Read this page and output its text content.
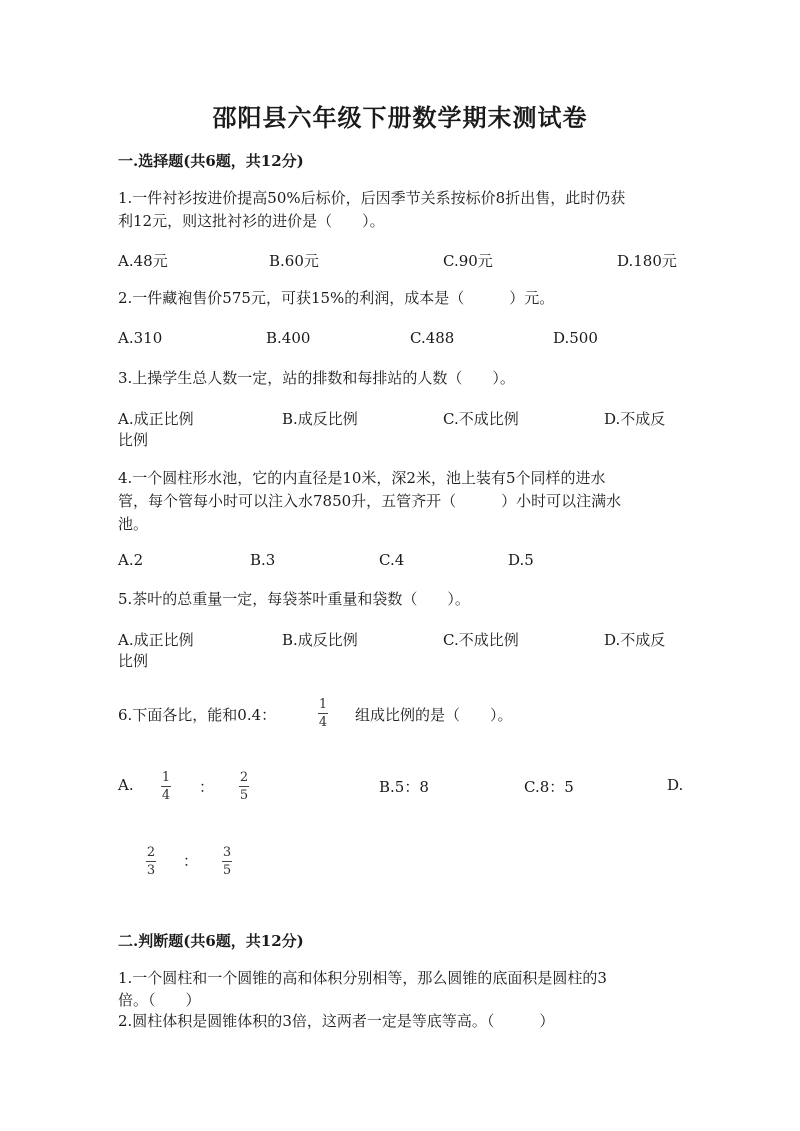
邵阳县六年级下册数学期末测试卷
一.选择题(共6题，共12分)
1.一件衬衫按进价提高50%后标价，后因季节关系按标价8折出售，此时仍获
利12元，则这批衬衫的进价是（　　）。
A.48元	B.60元	C.90元	D.180元
2.一件藏袍售价575元，可获15%的利润，成本是（　　　）元。
A.310	B.400	C.488	D.500
3.上操学生总人数一定，站的排数和每排站的人数（　　）。
A.成正比例	B.成反比例	C.不成比例	D.不成反
比例
4.一个圆柱形水池，它的内直径是10米，深2米，池上装有5个同样的进水
管，每个管每小时可以注入水7850升，五管齐开（　　　）小时可以注满水
池。
A.2	B.3	C.4	D.5
5.茶叶的总重量一定，每袋茶叶重量和袋数（　　）。
A.成正比例	B.成反比例	C.不成比例	D.不成反
比例
6.下面各比，能和0.4：
1
4 组成比例的是（　　）。
A. 1
4 ：
2
5	B.5：8	C.8：5	D.
2
3
： 3
5
二.判断题(共6题，共12分)
1.一个圆柱和一个圆锥的高和体积分别相等，那么圆锥的底面积是圆柱的3
倍。（　　）
2.圆柱体积是圆锥体积的3倍，这两者一定是等底等高。（　　　）
